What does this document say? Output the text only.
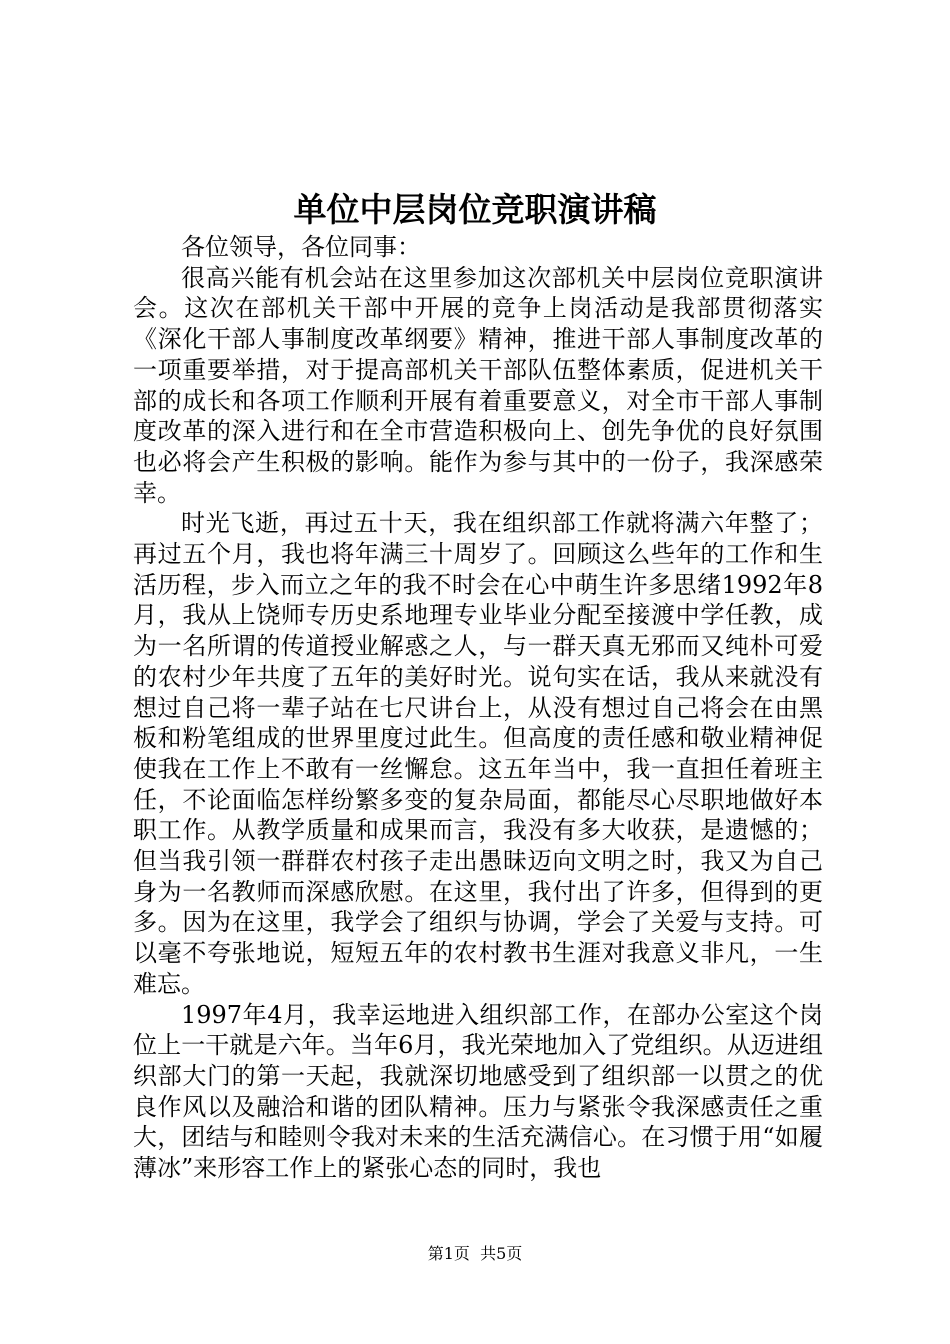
单位中层岗位竞职演讲稿

各位领导，各位同事：

很高兴能有机会站在这里参加这次部机关中层岗位竞职演讲会。这次在部机关干部中开展的竞争上岗活动是我部贯彻落实《深化干部人事制度改革纲要》精神，推进干部人事制度改革的一项重要举措，对于提高部机关干部队伍整体素质，促进机关干部的成长和各项工作顺利开展有着重要意义，对全市干部人事制度改革的深入进行和在全市营造积极向上、创先争优的良好氛围也必将会产生积极的影响。能作为参与其中的一份子，我深感荣幸。

时光飞逝，再过五十天，我在组织部工作就将满六年整了；再过五个月，我也将年满三十周岁了。回顾这么些年的工作和生活历程，步入而立之年的我不时会在心中萌生许多思绪1992年8月，我从上饶师专历史系地理专业毕业分配至接渡中学任教，成为一名所谓的传道授业解惑之人，与一群天真无邪而又纯朴可爱的农村少年共度了五年的美好时光。说句实在话，我从来就没有想过自己将一辈子站在七尺讲台上，从没有想过自己将会在由黑板和粉笔组成的世界里度过此生。但高度的责任感和敬业精神促使我在工作上不敢有一丝懈怠。这五年当中，我一直担任着班主任，不论面临怎样纷繁多变的复杂局面，都能尽心尽职地做好本职工作。从教学质量和成果而言，我没有多大收获，是遗憾的；但当我引领一群群农村孩子走出愚昧迈向文明之时，我又为自己身为一名教师而深感欣慰。在这里，我付出了许多，但得到的更多。因为在这里，我学会了组织与协调，学会了关爱与支持。可以毫不夸张地说，短短五年的农村教书生涯对我意义非凡，一生难忘。

1997年4月，我幸运地进入组织部工作，在部办公室这个岗位上一干就是六年。当年6月，我光荣地加入了党组织。从迈进组织部大门的第一天起，我就深切地感受到了组织部一以贯之的优良作风以及融洽和谐的团队精神。压力与紧张令我深感责任之重大，团结与和睦则令我对未来的生活充满信心。在习惯于用“如履薄冰”来形容工作上的紧张心态的同时，我也

第1页 共5页
